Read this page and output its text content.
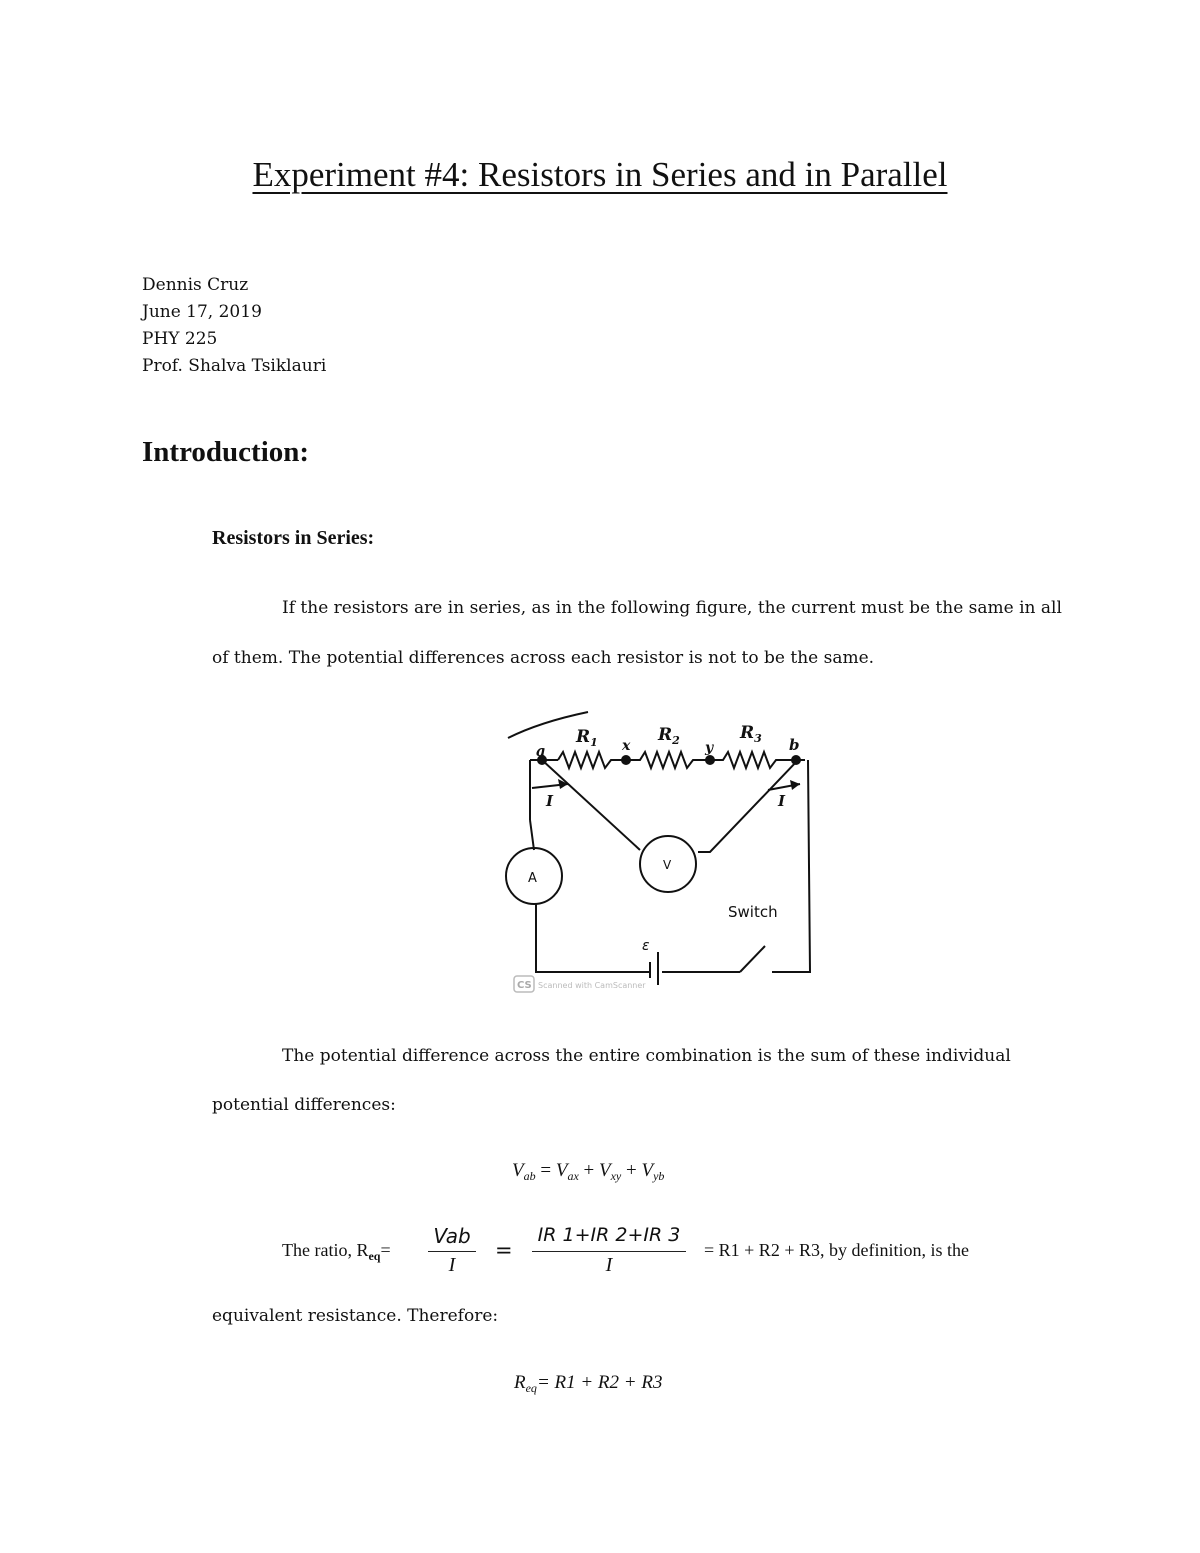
Experiment #4: Resistors in Series and in Parallel
Dennis Cruz
June 17, 2019
PHY 225
Prof. Shalva Tsiklauri
Introduction:
Resistors in Series:
If the resistors are in series, as in the following figure, the current must be the same in all
of them. The potential differences across each resistor is not to be the same.
$R_1$	$R_2$	$R_3$
a	x	y	b
I	I
A
V
Switch
ε
CS Scanned with CamScanner
The potential difference across the entire combination is the sum of these individual
potential differences:
$V_{ab} = V_{ax} + V_{xy} + V_{yb}$
The ratio, $R_{eq}=$
Vab
I
=
IR 1+IR 2+IR 3
I
= R1 + R2 + R3, by definition, is the
equivalent resistance. Therefore:
$R_{eq}= R1 + R2 + R3$
